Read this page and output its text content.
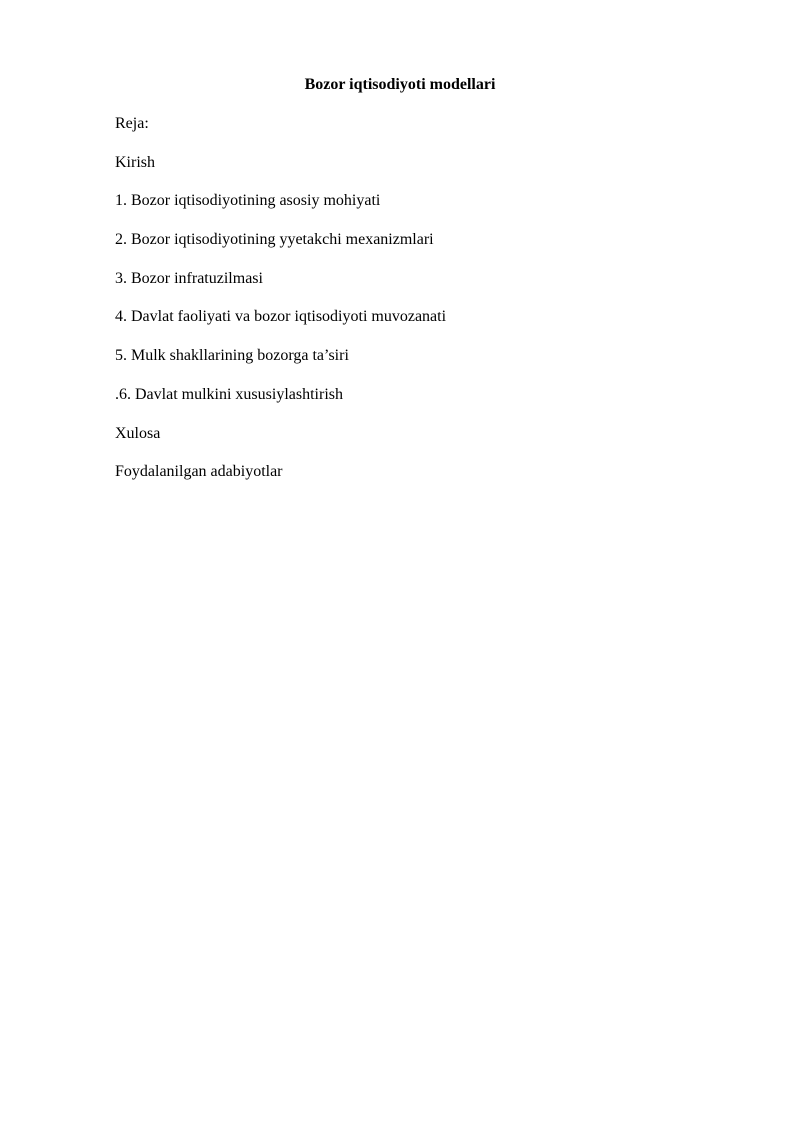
Bozor iqtisodiyoti modellari
Reja:
Kirish
1. Bozor iqtisodiyotining asosiy mohiyati
2. Bozor iqtisodiyotining yyetakchi mexanizmlari
3. Bozor infratuzilmasi
4. Davlat faoliyati va bozor iqtisodiyoti muvozanati
5. Mulk shakllarining bozorga ta’siri
.6. Davlat mulkini xususiylashtirish
Xulosa
Foydalanilgan adabiyotlar
